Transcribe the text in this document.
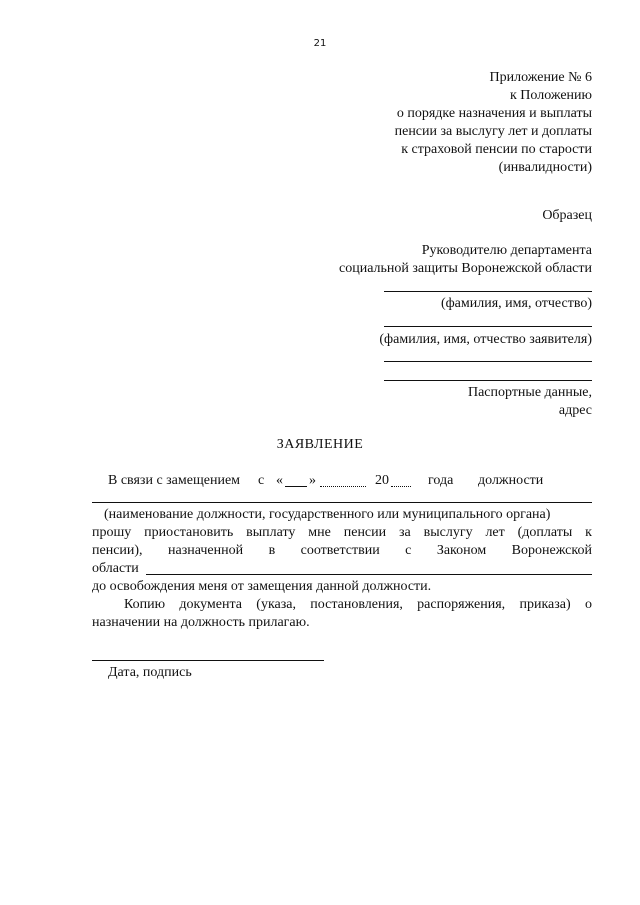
21
Приложение № 6
к Положению
о порядке назначения и выплаты
пенсии за выслугу лет и доплаты
к страховой пенсии по старости
(инвалидности)
Образец
Руководителю департамента
социальной защиты Воронежской области
(фамилия, имя, отчество)
(фамилия, имя, отчество заявителя)
Паспортные данные,
адрес
ЗАЯВЛЕНИЕ
В связи с замещением с « »	20	года должности
(наименование должности, государственного или муниципального органа)
прошу приостановить выплату мне пенсии за выслугу лет (доплаты к
пенсии), назначенной в соответствии с Законом Воронежской
области
до освобождения меня от замещения данной должности.
Копию документа (указа, постановления, распоряжения, приказа) о
назначении на должность прилагаю.
Дата, подпись
